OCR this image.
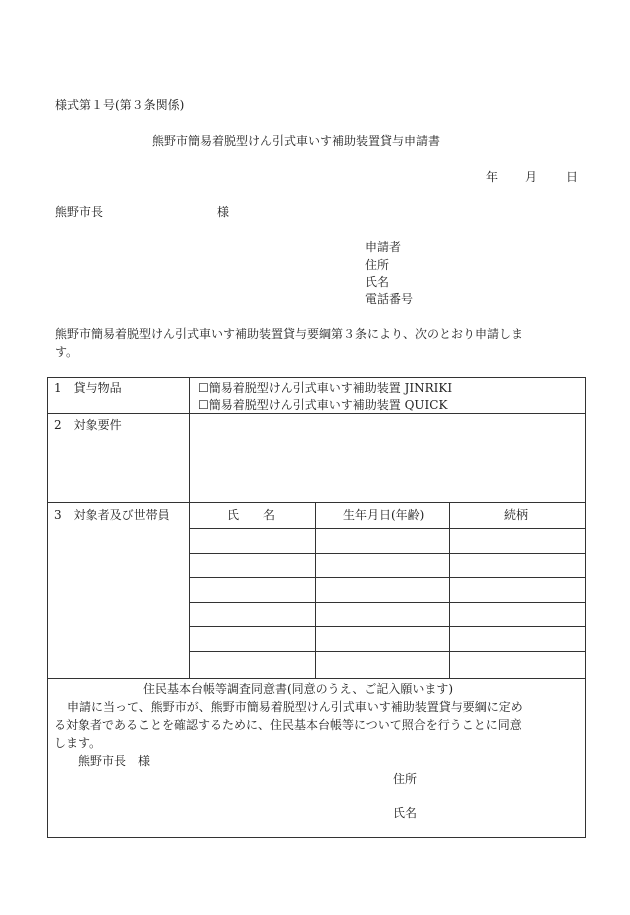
様式第１号(第３条関係)
熊野市簡易着脱型けん引式車いす補助装置貸与申請書
年 月 日
熊野市長	様
申請者
住所
氏名
電話番号
熊野市簡易着脱型けん引式車いす補助装置貸与要綱第３条により、次のとおり申請しま
す。
1　貸与物品	☐簡易着脱型けん引式車いす補助装置 JINRIKI
☐簡易着脱型けん引式車いす補助装置 QUICK
2　対象要件
3　対象者及び世帯員	氏　　名	生年月日(年齢)	続柄
住民基本台帳等調査同意書(同意のうえ、ご記入願います)
申請に当って、熊野市が、熊野市簡易着脱型けん引式車いす補助装置貸与要綱に定め
る対象者であることを確認するために、住民基本台帳等について照合を行うことに同意
します。
熊野市長　様
住所
氏名
